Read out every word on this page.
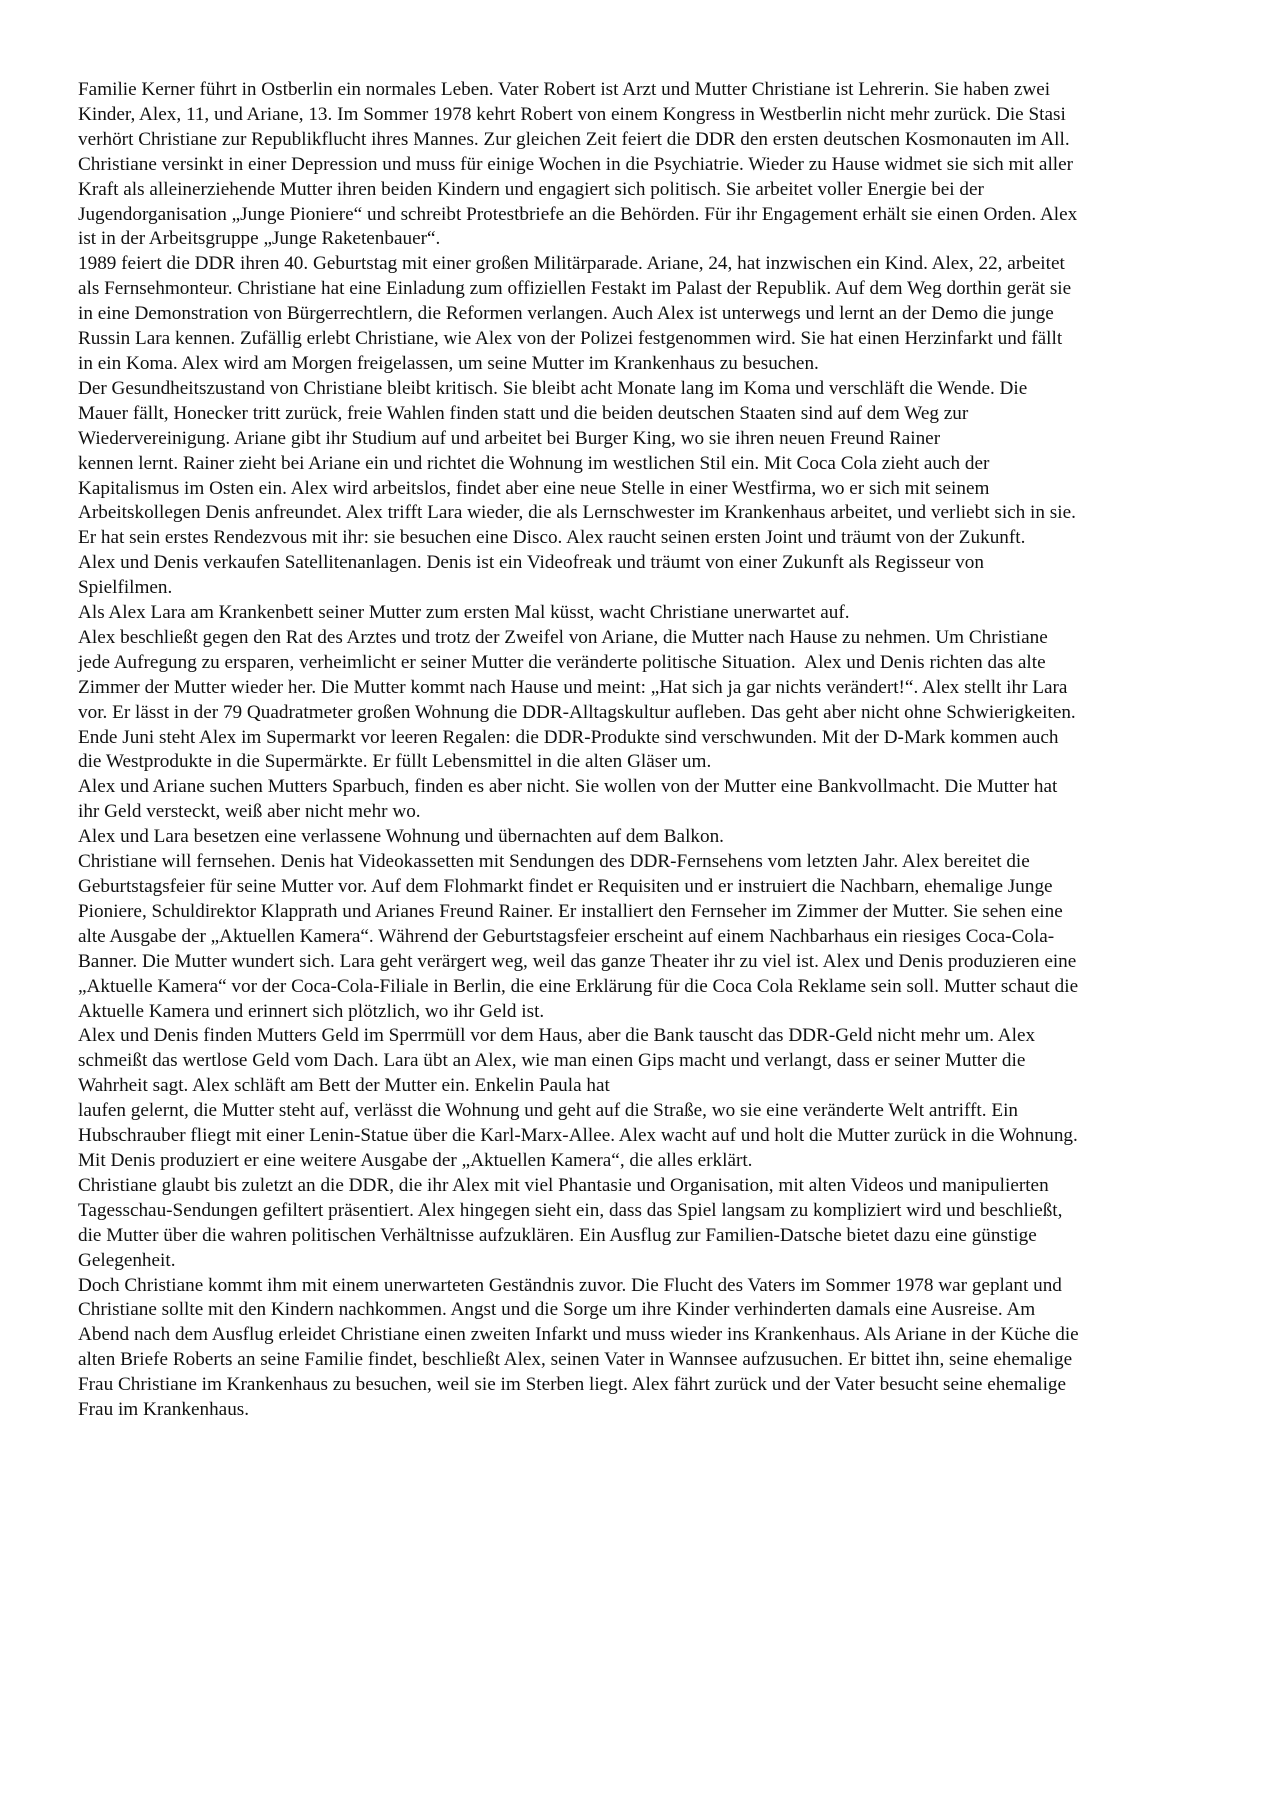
Familie Kerner führt in Ostberlin ein normales Leben. Vater Robert ist Arzt und Mutter Christiane ist Lehrerin. Sie haben zwei
Kinder, Alex, 11, und Ariane, 13. Im Sommer 1978 kehrt Robert von einem Kongress in Westberlin nicht mehr zurück. Die Stasi
verhört Christiane zur Republikflucht ihres Mannes. Zur gleichen Zeit feiert die DDR den ersten deutschen Kosmonauten im All.
Christiane versinkt in einer Depression und muss für einige Wochen in die Psychiatrie. Wieder zu Hause widmet sie sich mit aller
Kraft als alleinerziehende Mutter ihren beiden Kindern und engagiert sich politisch. Sie arbeitet voller Energie bei der
Jugendorganisation „Junge Pioniere“ und schreibt Protestbriefe an die Behörden. Für ihr Engagement erhält sie einen Orden. Alex
ist in der Arbeitsgruppe „Junge Raketenbauer“.
1989 feiert die DDR ihren 40. Geburtstag mit einer großen Militärparade. Ariane, 24, hat inzwischen ein Kind. Alex, 22, arbeitet
als Fernsehmonteur. Christiane hat eine Einladung zum offiziellen Festakt im Palast der Republik. Auf dem Weg dorthin gerät sie
in eine Demonstration von Bürgerrechtlern, die Reformen verlangen. Auch Alex ist unterwegs und lernt an der Demo die junge
Russin Lara kennen. Zufällig erlebt Christiane, wie Alex von der Polizei festgenommen wird. Sie hat einen Herzinfarkt und fällt
in ein Koma. Alex wird am Morgen freigelassen, um seine Mutter im Krankenhaus zu besuchen.
Der Gesundheitszustand von Christiane bleibt kritisch. Sie bleibt acht Monate lang im Koma und verschläft die Wende. Die
Mauer fällt, Honecker tritt zurück, freie Wahlen finden statt und die beiden deutschen Staaten sind auf dem Weg zur
Wiedervereinigung. Ariane gibt ihr Studium auf und arbeitet bei Burger King, wo sie ihren neuen Freund Rainer
kennen lernt. Rainer zieht bei Ariane ein und richtet die Wohnung im westlichen Stil ein. Mit Coca Cola zieht auch der
Kapitalismus im Osten ein. Alex wird arbeitslos, findet aber eine neue Stelle in einer Westfirma, wo er sich mit seinem
Arbeitskollegen Denis anfreundet. Alex trifft Lara wieder, die als Lernschwester im Krankenhaus arbeitet, und verliebt sich in sie.
Er hat sein erstes Rendezvous mit ihr: sie besuchen eine Disco. Alex raucht seinen ersten Joint und träumt von der Zukunft.
Alex und Denis verkaufen Satellitenanlagen. Denis ist ein Videofreak und träumt von einer Zukunft als Regisseur von
Spielfilmen.
Als Alex Lara am Krankenbett seiner Mutter zum ersten Mal küsst, wacht Christiane unerwartet auf.
Alex beschließt gegen den Rat des Arztes und trotz der Zweifel von Ariane, die Mutter nach Hause zu nehmen. Um Christiane
jede Aufregung zu ersparen, verheimlicht er seiner Mutter die veränderte politische Situation.  Alex und Denis richten das alte
Zimmer der Mutter wieder her. Die Mutter kommt nach Hause und meint: „Hat sich ja gar nichts verändert!“. Alex stellt ihr Lara
vor. Er lässt in der 79 Quadratmeter großen Wohnung die DDR-Alltagskultur aufleben. Das geht aber nicht ohne Schwierigkeiten.
Ende Juni steht Alex im Supermarkt vor leeren Regalen: die DDR-Produkte sind verschwunden. Mit der D-Mark kommen auch
die Westprodukte in die Supermärkte. Er füllt Lebensmittel in die alten Gläser um.
Alex und Ariane suchen Mutters Sparbuch, finden es aber nicht. Sie wollen von der Mutter eine Bankvollmacht. Die Mutter hat
ihr Geld versteckt, weiß aber nicht mehr wo.
Alex und Lara besetzen eine verlassene Wohnung und übernachten auf dem Balkon.
Christiane will fernsehen. Denis hat Videokassetten mit Sendungen des DDR-Fernsehens vom letzten Jahr. Alex bereitet die
Geburtstagsfeier für seine Mutter vor. Auf dem Flohmarkt findet er Requisiten und er instruiert die Nachbarn, ehemalige Junge
Pioniere, Schuldirektor Klapprath und Arianes Freund Rainer. Er installiert den Fernseher im Zimmer der Mutter. Sie sehen eine
alte Ausgabe der „Aktuellen Kamera“. Während der Geburtstagsfeier erscheint auf einem Nachbarhaus ein riesiges Coca-Cola-
Banner. Die Mutter wundert sich. Lara geht verärgert weg, weil das ganze Theater ihr zu viel ist. Alex und Denis produzieren eine
„Aktuelle Kamera“ vor der Coca-Cola-Filiale in Berlin, die eine Erklärung für die Coca Cola Reklame sein soll. Mutter schaut die
Aktuelle Kamera und erinnert sich plötzlich, wo ihr Geld ist.
Alex und Denis finden Mutters Geld im Sperrmüll vor dem Haus, aber die Bank tauscht das DDR-Geld nicht mehr um. Alex
schmeißt das wertlose Geld vom Dach. Lara übt an Alex, wie man einen Gips macht und verlangt, dass er seiner Mutter die
Wahrheit sagt. Alex schläft am Bett der Mutter ein. Enkelin Paula hat
laufen gelernt, die Mutter steht auf, verlässt die Wohnung und geht auf die Straße, wo sie eine veränderte Welt antrifft. Ein
Hubschrauber fliegt mit einer Lenin-Statue über die Karl-Marx-Allee. Alex wacht auf und holt die Mutter zurück in die Wohnung.
Mit Denis produziert er eine weitere Ausgabe der „Aktuellen Kamera“, die alles erklärt.
Christiane glaubt bis zuletzt an die DDR, die ihr Alex mit viel Phantasie und Organisation, mit alten Videos und manipulierten
Tagesschau-Sendungen gefiltert präsentiert. Alex hingegen sieht ein, dass das Spiel langsam zu kompliziert wird und beschließt,
die Mutter über die wahren politischen Verhältnisse aufzuklären. Ein Ausflug zur Familien-Datsche bietet dazu eine günstige
Gelegenheit.
Doch Christiane kommt ihm mit einem unerwarteten Geständnis zuvor. Die Flucht des Vaters im Sommer 1978 war geplant und
Christiane sollte mit den Kindern nachkommen. Angst und die Sorge um ihre Kinder verhinderten damals eine Ausreise. Am
Abend nach dem Ausflug erleidet Christiane einen zweiten Infarkt und muss wieder ins Krankenhaus. Als Ariane in der Küche die
alten Briefe Roberts an seine Familie findet, beschließt Alex, seinen Vater in Wannsee aufzusuchen. Er bittet ihn, seine ehemalige
Frau Christiane im Krankenhaus zu besuchen, weil sie im Sterben liegt. Alex fährt zurück und der Vater besucht seine ehemalige
Frau im Krankenhaus.
